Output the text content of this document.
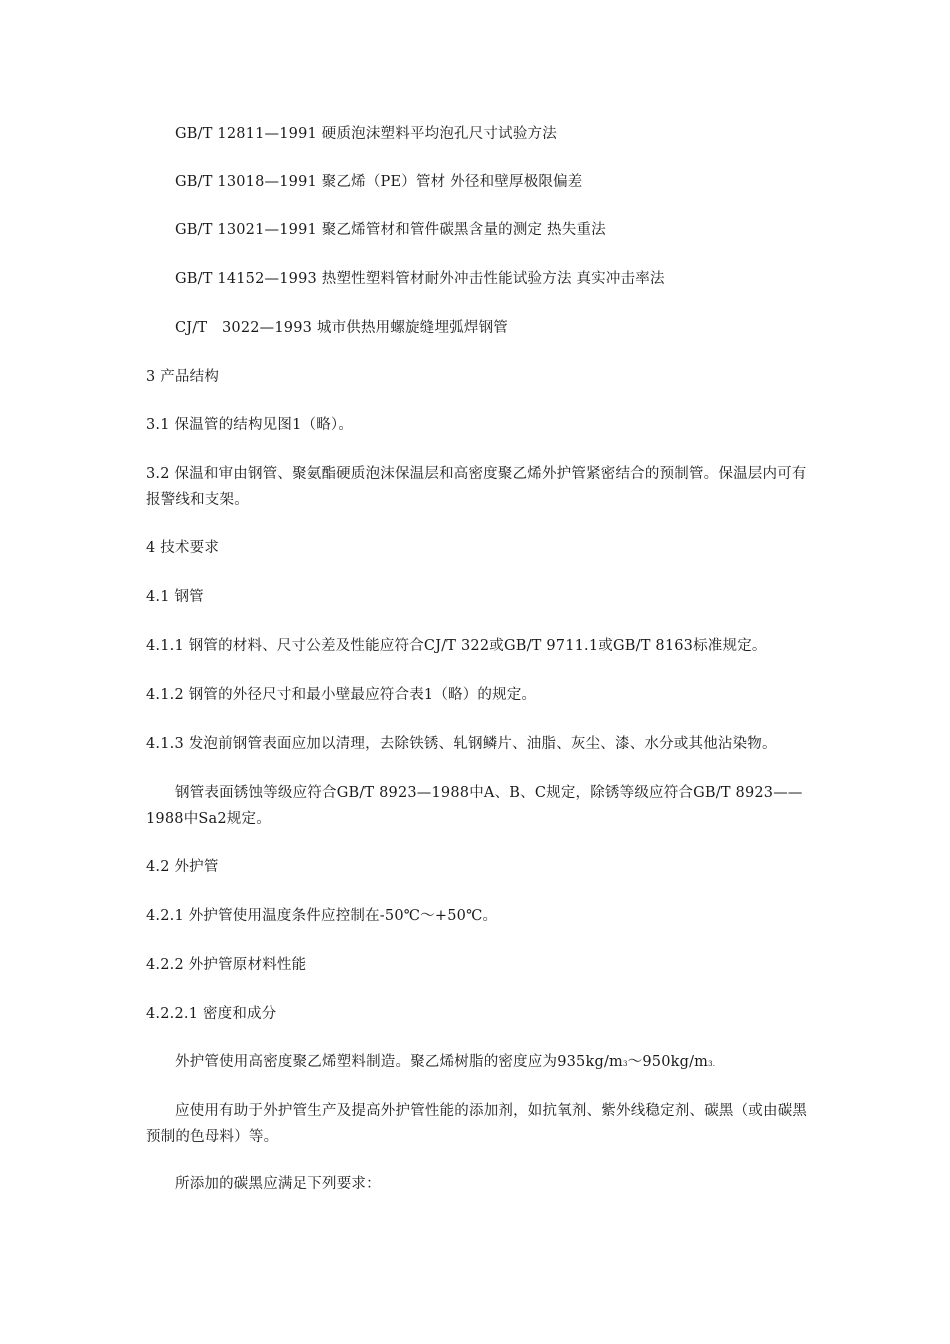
GB/T 12811—1991 硬质泡沫塑料平均泡孔尺寸试验方法
GB/T 13018—1991 聚乙烯（PE）管材 外径和壁厚极限偏差
GB/T 13021—1991 聚乙烯管材和管件碳黑含量的测定 热失重法
GB/T 14152—1993 热塑性塑料管材耐外冲击性能试验方法 真实冲击率法
CJ/T　3022—1993 城市供热用螺旋缝埋弧焊钢管
3 产品结构
3.1 保温管的结构见图1（略）。
3.2 保温和审由钢管、聚氨酯硬质泡沫保温层和高密度聚乙烯外护管紧密结合的预制管。保温层内可有报警线和支架。
4 技术要求
4.1 钢管
4.1.1 钢管的材料、尺寸公差及性能应符合CJ/T 322或GB/T 9711.1或GB/T 8163标准规定。
4.1.2 钢管的外径尺寸和最小壁最应符合表1（略）的规定。
4.1.3 发泡前钢管表面应加以清理，去除铁锈、轧钢鳞片、油脂、灰尘、漆、水分或其他沾染物。
钢管表面锈蚀等级应符合GB/T 8923—1988中A、B、C规定，除锈等级应符合GB/T 8923——1988中Sa2规定。
4.2 外护管
4.2.1 外护管使用温度条件应控制在-50℃～+50℃。
4.2.2 外护管原材料性能
4.2.2.1 密度和成分
外护管使用高密度聚乙烯塑料制造。聚乙烯树脂的密度应为935kg/m3～950kg/m3.
应使用有助于外护管生产及提高外护管性能的添加剂，如抗氧剂、紫外线稳定剂、碳黑（或由碳黑预制的色母料）等。
所添加的碳黑应满足下列要求：
